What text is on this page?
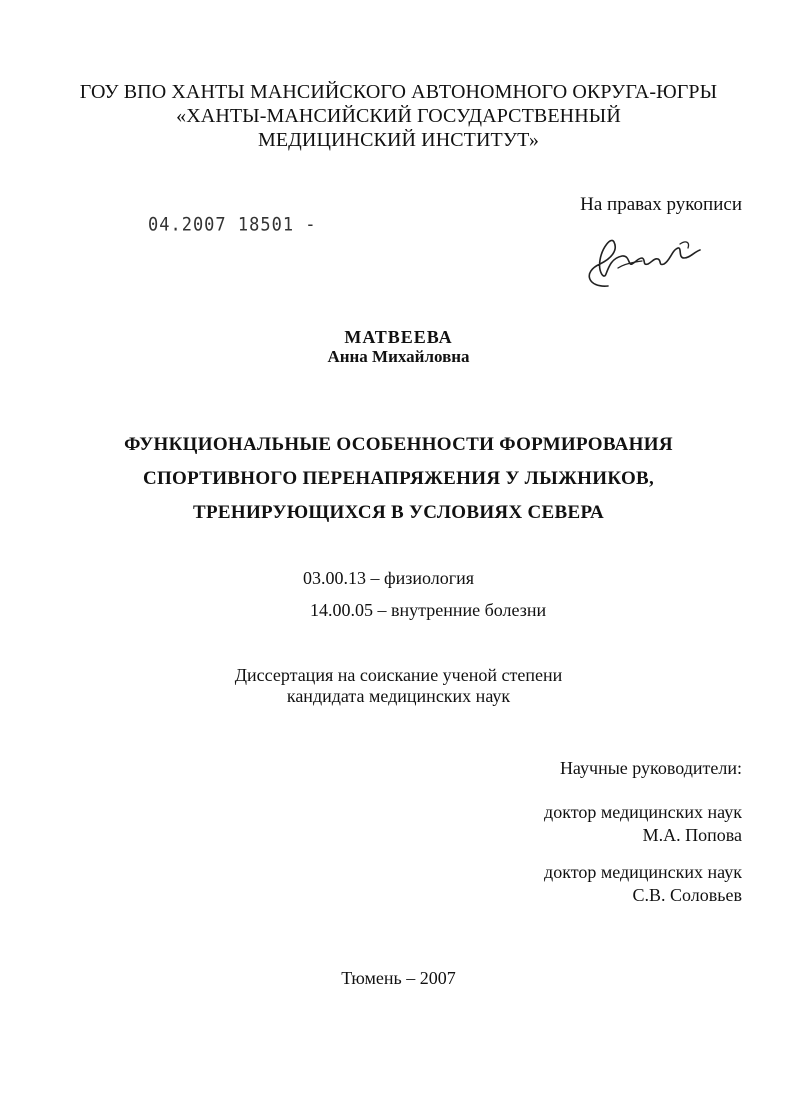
ГОУ ВПО ХАНТЫ МАНСИЙСКОГО АВТОНОМНОГО ОКРУГА-ЮГРЫ
«ХАНТЫ-МАНСИЙСКИЙ ГОСУДАРСТВЕННЫЙ
МЕДИЦИНСКИЙ ИНСТИТУТ»
На правах рукописи
04.2007 18501 -
МАТВЕЕВА
Анна Михайловна
ФУНКЦИОНАЛЬНЫЕ ОСОБЕННОСТИ ФОРМИРОВАНИЯ
СПОРТИВНОГО ПЕРЕНАПРЯЖЕНИЯ У ЛЫЖНИКОВ,
ТРЕНИРУЮЩИХСЯ В УСЛОВИЯХ СЕВЕРА
03.00.13 – физиология
14.00.05 – внутренние болезни
Диссертация на соискание ученой степени
кандидата медицинских наук
Научные руководители:
доктор медицинских наук
М.А. Попова
доктор медицинских наук
С.В. Соловьев
Тюмень – 2007
